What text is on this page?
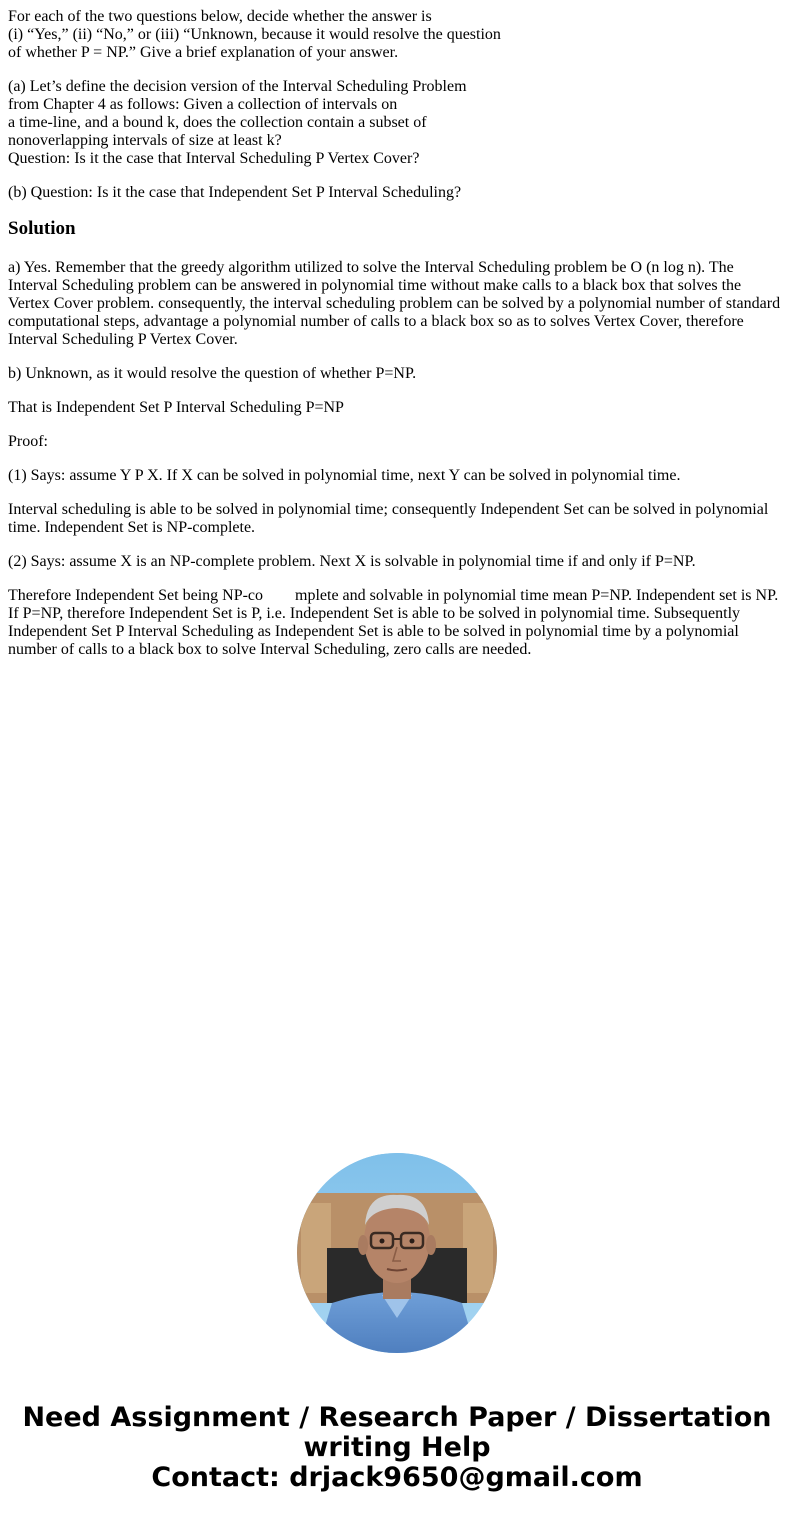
For each of the two questions below, decide whether the answer is
(i) “Yes,” (ii) “No,” or (iii) “Unknown, because it would resolve the question
of whether P = NP.” Give a brief explanation of your answer.

(a) Let’s define the decision version of the Interval Scheduling Problem
from Chapter 4 as follows: Given a collection of intervals on
a time-line, and a bound k, does the collection contain a subset of
nonoverlapping intervals of size at least k?
Question: Is it the case that Interval Scheduling P Vertex Cover?

(b) Question: Is it the case that Independent Set P Interval Scheduling?

Solution

a) Yes. Remember that the greedy algorithm utilized to solve the Interval Scheduling problem be O (n log n). The Interval Scheduling problem can be answered in polynomial time without make calls to a black box that solves the Vertex Cover problem. consequently, the interval scheduling problem can be solved by a polynomial number of standard computational steps, advantage a polynomial number of calls to a black box so as to solves Vertex Cover, therefore Interval Scheduling P Vertex Cover.

b) Unknown, as it would resolve the question of whether P=NP.

That is Independent Set P Interval Scheduling P=NP

Proof:

(1) Says: assume Y P X. If X can be solved in polynomial time, next Y can be solved in polynomial time.

Interval scheduling is able to be solved in polynomial time; consequently Independent Set can be solved in polynomial time. Independent Set is NP-complete.

(2) Says: assume X is an NP-complete problem. Next X is solvable in polynomial time if and only if P=NP.

Therefore Independent Set being NP-co        mplete and solvable in polynomial time mean P=NP. Independent set is NP. If P=NP, therefore Independent Set is P, i.e. Independent Set is able to be solved in polynomial time. Subsequently Independent Set P Interval Scheduling as Independent Set is able to be solved in polynomial time by a polynomial number of calls to a black box to solve Interval Scheduling, zero calls are needed.

Need Assignment / Research Paper / Dissertation
writing Help
Contact: drjack9650@gmail.com
